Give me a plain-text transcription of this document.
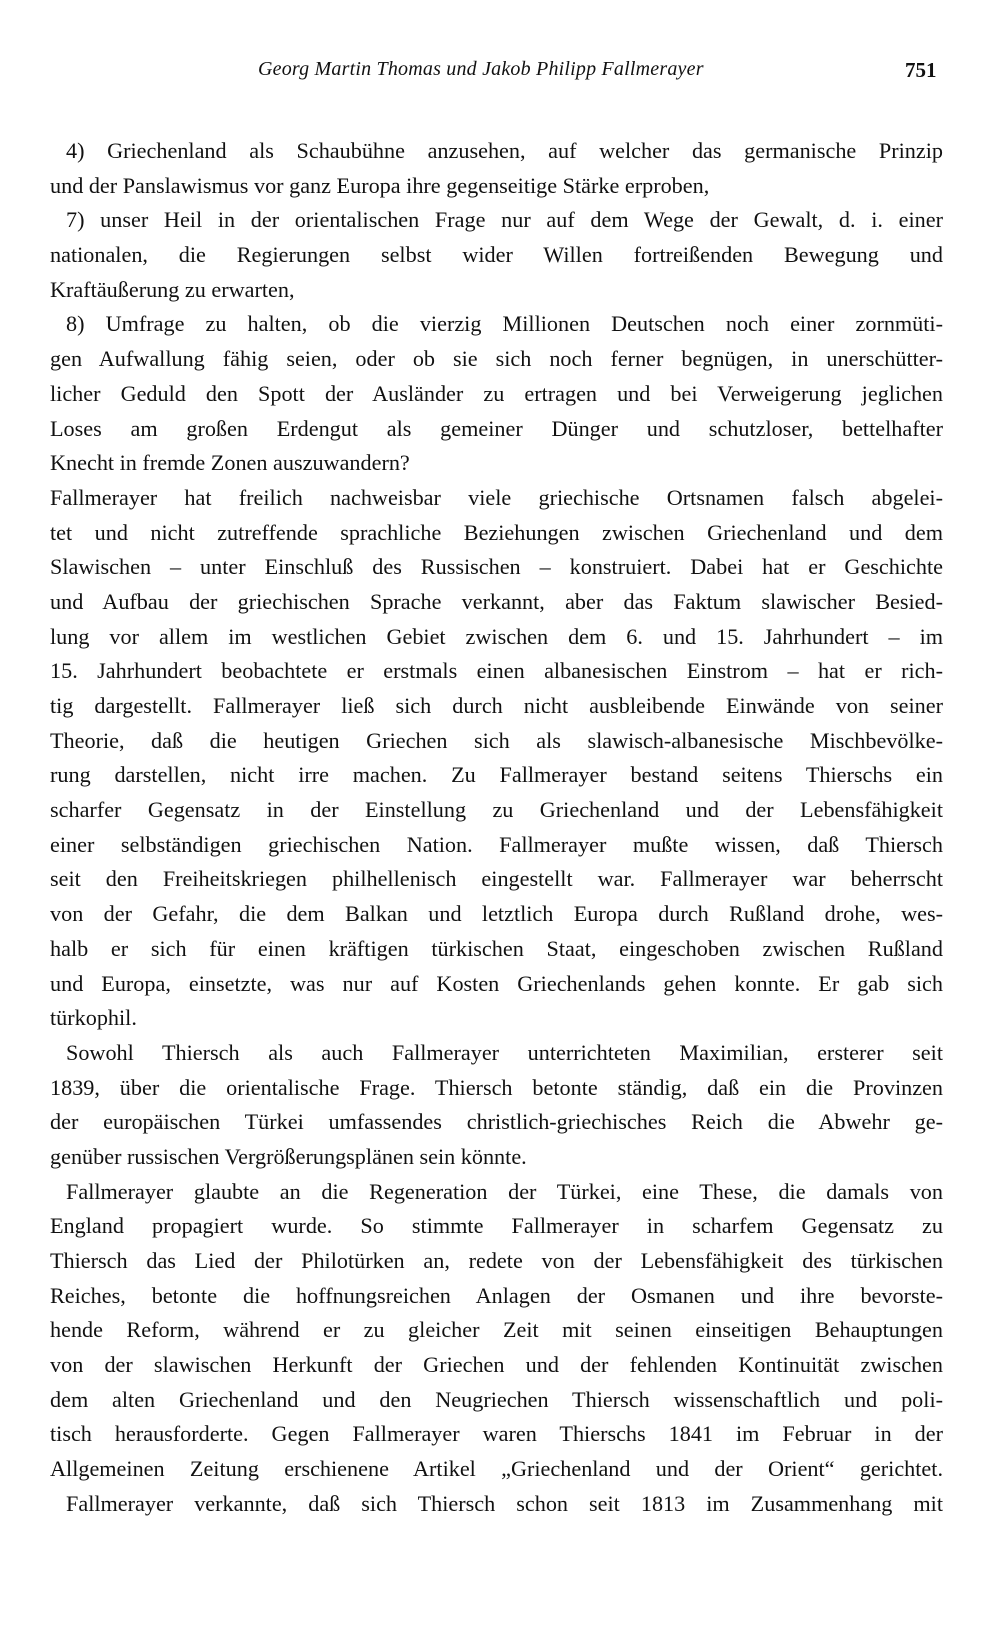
Georg Martin Thomas und Jakob Philipp Fallmerayer	751
4) Griechenland als Schaubühne anzusehen, auf welcher das germanische Prinzip
und der Panslawismus vor ganz Europa ihre gegenseitige Stärke erproben,
7) unser Heil in der orientalischen Frage nur auf dem Wege der Gewalt, d. i. einer
nationalen, die Regierungen selbst wider Willen fortreißenden Bewegung und
Kraftäußerung zu erwarten,
8) Umfrage zu halten, ob die vierzig Millionen Deutschen noch einer zornmüti-
gen Aufwallung fähig seien, oder ob sie sich noch ferner begnügen, in unerschütter-
licher Geduld den Spott der Ausländer zu ertragen und bei Verweigerung jeglichen
Loses am großen Erdengut als gemeiner Dünger und schutzloser, bettelhafter
Knecht in fremde Zonen auszuwandern?
Fallmerayer hat freilich nachweisbar viele griechische Ortsnamen falsch abgelei-
tet und nicht zutreffende sprachliche Beziehungen zwischen Griechenland und dem
Slawischen – unter Einschluß des Russischen – konstruiert. Dabei hat er Geschichte
und Aufbau der griechischen Sprache verkannt, aber das Faktum slawischer Besied-
lung vor allem im westlichen Gebiet zwischen dem 6. und 15. Jahrhundert – im
15. Jahrhundert beobachtete er erstmals einen albanesischen Einstrom – hat er rich-
tig dargestellt. Fallmerayer ließ sich durch nicht ausbleibende Einwände von seiner
Theorie, daß die heutigen Griechen sich als slawisch-albanesische Mischbevölke-
rung darstellen, nicht irre machen. Zu Fallmerayer bestand seitens Thierschs ein
scharfer Gegensatz in der Einstellung zu Griechenland und der Lebensfähigkeit
einer selbständigen griechischen Nation. Fallmerayer mußte wissen, daß Thiersch
seit den Freiheitskriegen philhellenisch eingestellt war. Fallmerayer war beherrscht
von der Gefahr, die dem Balkan und letztlich Europa durch Rußland drohe, wes-
halb er sich für einen kräftigen türkischen Staat, eingeschoben zwischen Rußland
und Europa, einsetzte, was nur auf Kosten Griechenlands gehen konnte. Er gab sich
türkophil.
Sowohl Thiersch als auch Fallmerayer unterrichteten Maximilian, ersterer seit
1839, über die orientalische Frage. Thiersch betonte ständig, daß ein die Provinzen
der europäischen Türkei umfassendes christlich-griechisches Reich die Abwehr ge-
genüber russischen Vergrößerungsplänen sein könnte.
Fallmerayer glaubte an die Regeneration der Türkei, eine These, die damals von
England propagiert wurde. So stimmte Fallmerayer in scharfem Gegensatz zu
Thiersch das Lied der Philotürken an, redete von der Lebensfähigkeit des türkischen
Reiches, betonte die hoffnungsreichen Anlagen der Osmanen und ihre bevorste-
hende Reform, während er zu gleicher Zeit mit seinen einseitigen Behauptungen
von der slawischen Herkunft der Griechen und der fehlenden Kontinuität zwischen
dem alten Griechenland und den Neugriechen Thiersch wissenschaftlich und poli-
tisch herausforderte. Gegen Fallmerayer waren Thierschs 1841 im Februar in der
Allgemeinen Zeitung erschienene Artikel „Griechenland und der Orient“ gerichtet.
Fallmerayer verkannte, daß sich Thiersch schon seit 1813 im Zusammenhang mit
